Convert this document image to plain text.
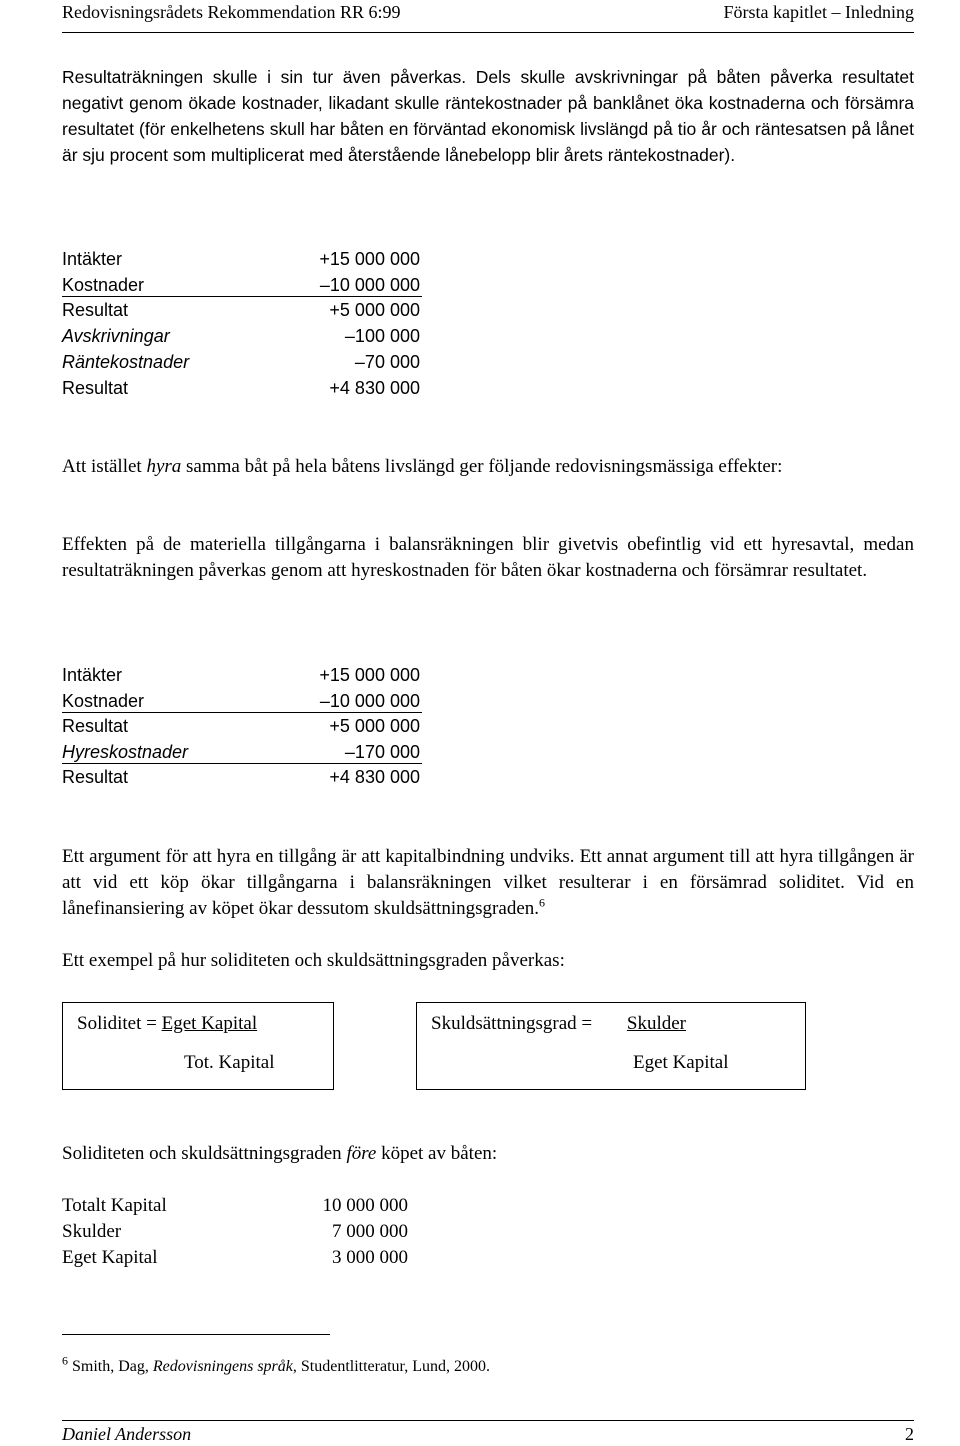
Redovisningsrådets Rekommendation RR 6:99	Första kapitlet – Inledning
Resultaträkningen skulle i sin tur även påverkas. Dels skulle avskrivningar på båten påverka resultatet negativt genom ökade kostnader, likadant skulle räntekostnader på banklånet öka kostnaderna och försämra resultatet (för enkelhetens skull har båten en förväntad ekonomisk livslängd på tio år och räntesatsen på lånet är sju procent som multiplicerat med återstående lånebelopp blir årets räntekostnader).
Intäkter	+15 000 000
Kostnader	–10 000 000
Resultat	+5 000 000
Avskrivningar	–100 000
Räntekostnader	–70 000
Resultat	+4 830 000
Att istället hyra samma båt på hela båtens livslängd ger följande redovisningsmässiga effekter:
Effekten på de materiella tillgångarna i balansräkningen blir givetvis obefintlig vid ett hyresavtal, medan resultaträkningen påverkas genom att hyreskostnaden för båten ökar kostnaderna och försämrar resultatet.
Intäkter	+15 000 000
Kostnader	–10 000 000
Resultat	+5 000 000
Hyreskostnader	–170 000
Resultat	+4 830 000
Ett argument för att hyra en tillgång är att kapitalbindning undviks. Ett annat argument till att hyra tillgången är att vid ett köp ökar tillgångarna i balansräkningen vilket resulterar i en försämrad soliditet. Vid en lånefinansiering av köpet ökar dessutom skuldsättningsgraden.$^6$
Ett exempel på hur soliditeten och skuldsättningsgraden påverkas:
Soliditet = Eget Kapital
Tot. Kapital
Skuldsättningsgrad = Skulder
Eget Kapital
Soliditeten och skuldsättningsgraden före köpet av båten:
Totalt Kapital	10 000 000
Skulder	7 000 000
Eget Kapital	3 000 000
$^6$ Smith, Dag, Redovisningens språk, Studentlitteratur, Lund, 2000.
Daniel Andersson	2
